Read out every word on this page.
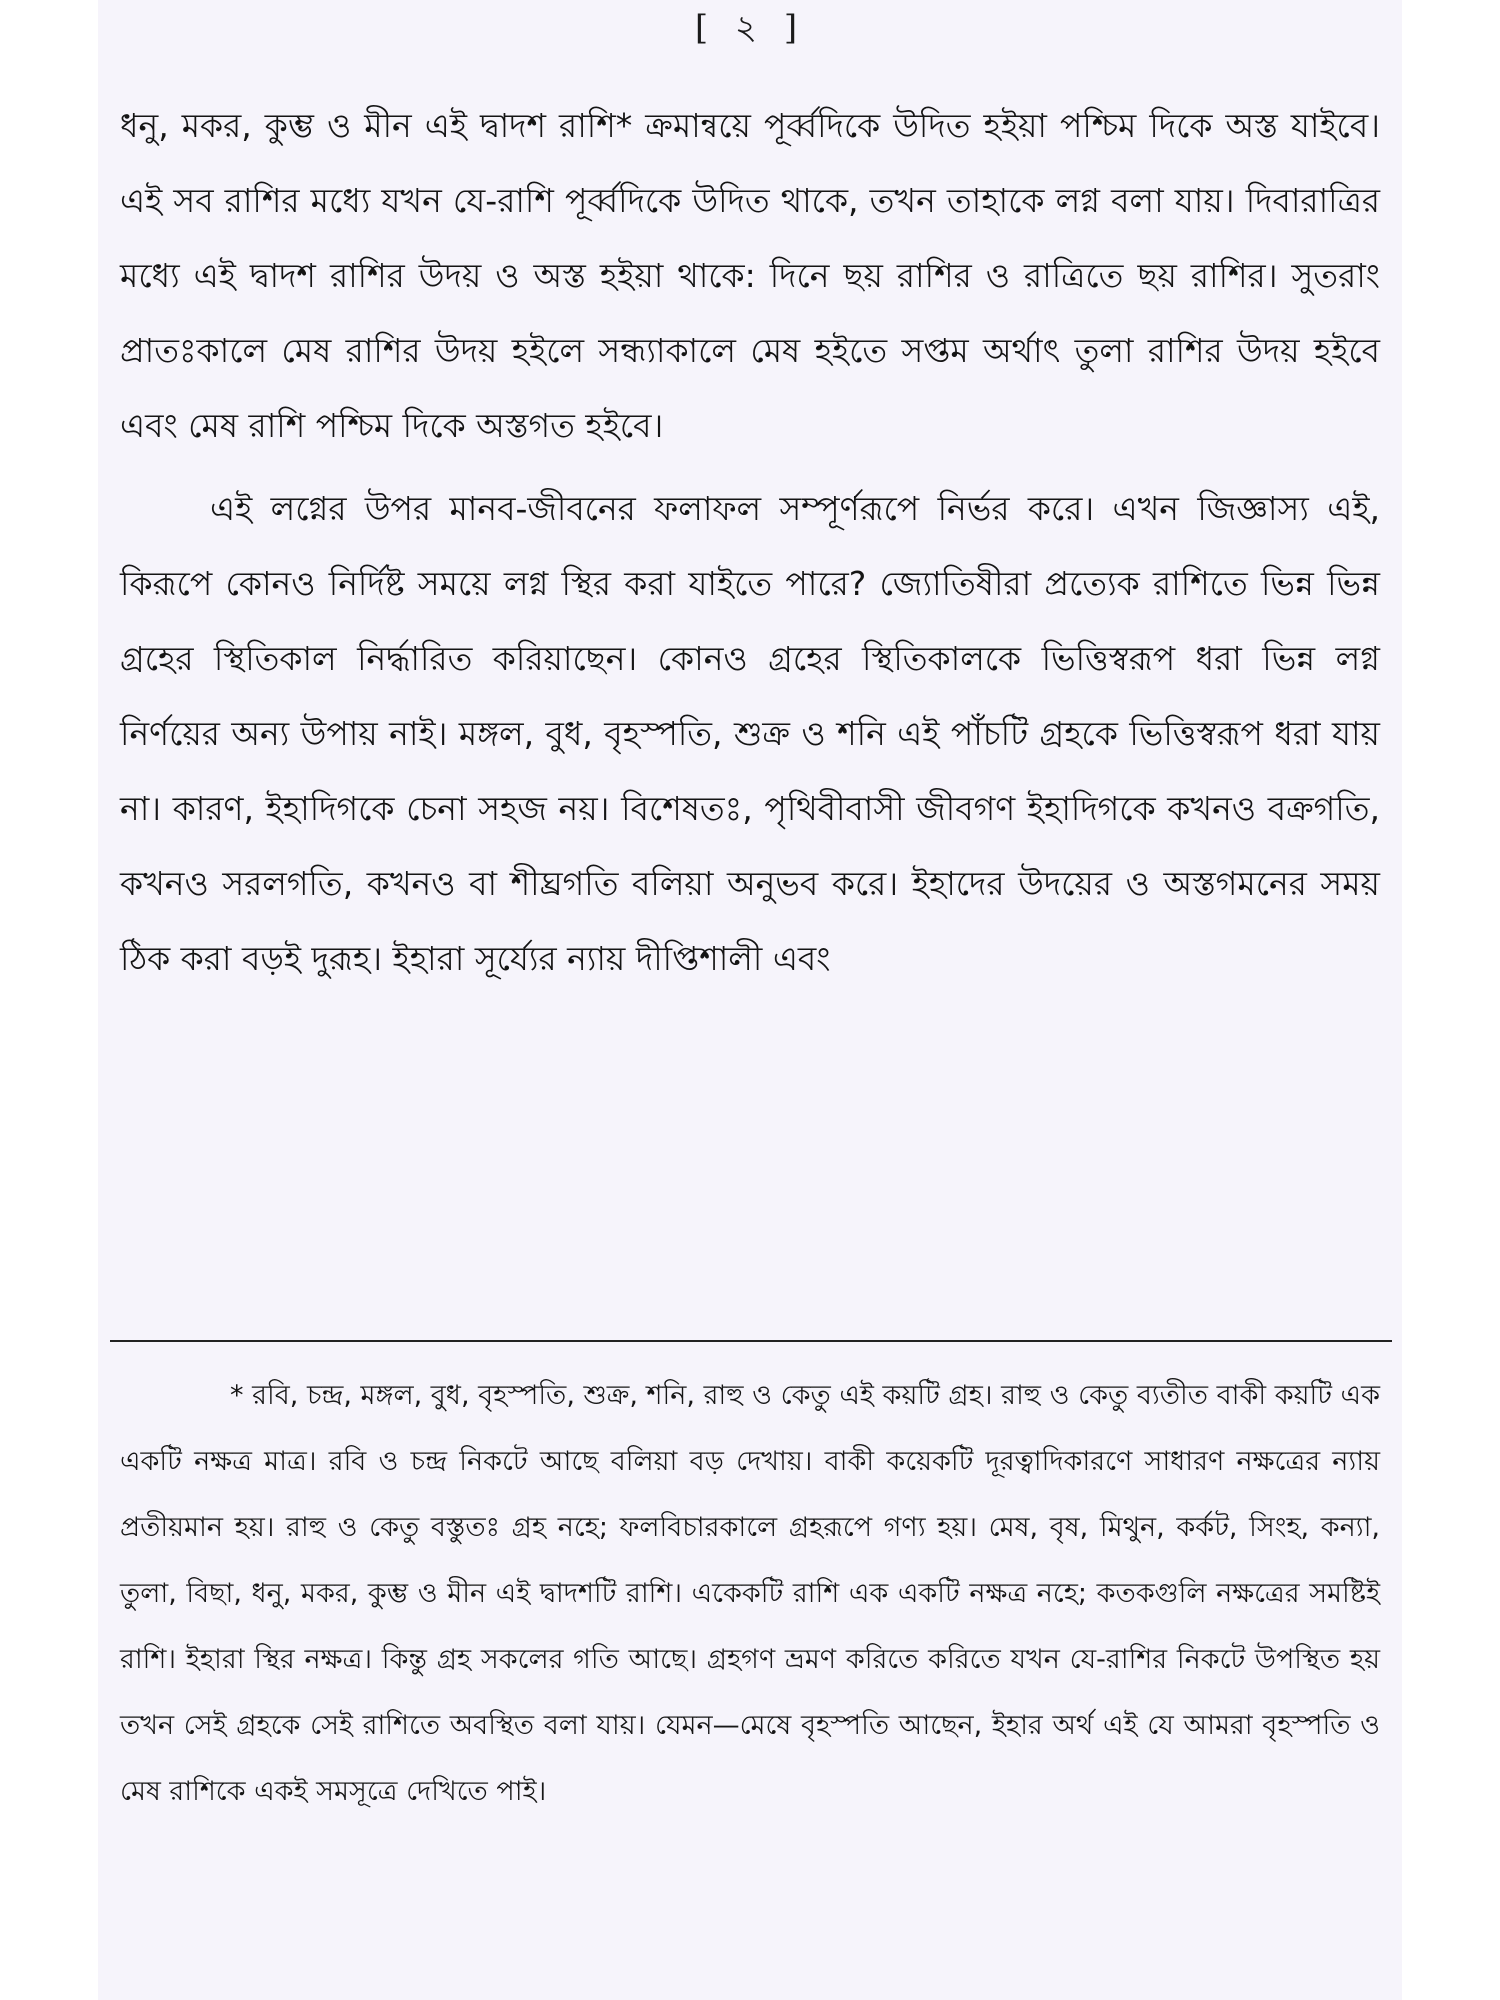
[ ২ ]

ধনু, মকর, কুম্ভ ও মীন এই দ্বাদশ রাশি* ক্রমান্বয়ে পূর্ব্বদিকে উদিত হইয়া পশ্চিম দিকে অস্ত যাইবে। এই সব রাশির মধ্যে যখন যে-রাশি পূর্ব্বদিকে উদিত থাকে, তখন তাহাকে লগ্ন বলা যায়। দিবারাত্রির মধ্যে এই দ্বাদশ রাশির উদয় ও অস্ত হইয়া থাকে: দিনে ছয় রাশির ও রাত্রিতে ছয় রাশির। সুতরাং প্রাতঃকালে মেষ রাশির উদয় হইলে সন্ধ্যাকালে মেষ হইতে সপ্তম অর্থাৎ তুলা রাশির উদয় হইবে এবং মেষ রাশি পশ্চিম দিকে অস্তগত হইবে।

এই লগ্নের উপর মানব-জীবনের ফলাফল সম্পূর্ণরূপে নির্ভর করে। এখন জিজ্ঞাস্য এই, কিরূপে কোনও নির্দিষ্ট সময়ে লগ্ন স্থির করা যাইতে পারে? জ্যোতিষীরা প্রত্যেক রাশিতে ভিন্ন ভিন্ন গ্রহের স্থিতিকাল নির্দ্ধারিত করিয়াছেন। কোনও গ্রহের স্থিতিকালকে ভিত্তিস্বরূপ ধরা ভিন্ন লগ্ন নির্ণয়ের অন্য উপায় নাই। মঙ্গল, বুধ, বৃহস্পতি, শুক্র ও শনি এই পাঁচটি গ্রহকে ভিত্তিস্বরূপ ধরা যায় না। কারণ, ইহাদিগকে চেনা সহজ নয়। বিশেষতঃ, পৃথিবীবাসী জীবগণ ইহাদিগকে কখনও বক্রগতি, কখনও সরলগতি, কখনও বা শীঘ্রগতি বলিয়া অনুভব করে। ইহাদের উদয়ের ও অস্তগমনের সময় ঠিক করা বড়ই দুরূহ। ইহারা সূর্য্যের ন্যায় দীপ্তিশালী এবং

* রবি, চন্দ্র, মঙ্গল, বুধ, বৃহস্পতি, শুক্র, শনি, রাহু ও কেতু এই কয়টি গ্রহ। রাহু ও কেতু ব্যতীত বাকী কয়টি এক একটি নক্ষত্র মাত্র। রবি ও চন্দ্র নিকটে আছে বলিয়া বড় দেখায়। বাকী কয়েকটি দূরত্বাদিকারণে সাধারণ নক্ষত্রের ন্যায় প্রতীয়মান হয়। রাহু ও কেতু বস্তুতঃ গ্রহ নহে; ফলবিচারকালে গ্রহরূপে গণ্য হয়। মেষ, বৃষ, মিথুন, কর্কট, সিংহ, কন্যা, তুলা, বিছা, ধনু, মকর, কুম্ভ ও মীন এই দ্বাদশটি রাশি। একেকটি রাশি এক একটি নক্ষত্র নহে; কতকগুলি নক্ষত্রের সমষ্টিই রাশি। ইহারা স্থির নক্ষত্র। কিন্তু গ্রহ সকলের গতি আছে। গ্রহগণ ভ্রমণ করিতে করিতে যখন যে-রাশির নিকটে উপস্থিত হয় তখন সেই গ্রহকে সেই রাশিতে অবস্থিত বলা যায়। যেমন—মেষে বৃহস্পতি আছেন, ইহার অর্থ এই যে আমরা বৃহস্পতি ও মেষ রাশিকে একই সমসূত্রে দেখিতে পাই।
